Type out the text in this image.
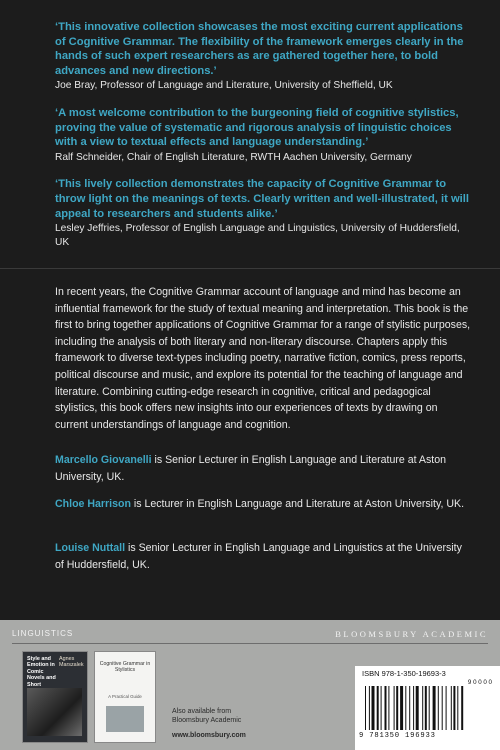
‘This innovative collection showcases the most exciting current applications of Cognitive Grammar. The flexibility of the framework emerges clearly in the hands of such expert researchers as are gathered together here, to bold advances and new directions.’

Joe Bray, Professor of Language and Literature, University of Sheffield, UK

‘A most welcome contribution to the burgeoning field of cognitive stylistics, proving the value of systematic and rigorous analysis of linguistic choices with a view to textual effects and language understanding.’

Ralf Schneider, Chair of English Literature, RWTH Aachen University, Germany

‘This lively collection demonstrates the capacity of Cognitive Grammar to throw light on the meanings of texts. Clearly written and well-illustrated, it will appeal to researchers and students alike.’

Lesley Jeffries, Professor of English Language and Linguistics, University of Huddersfield, UK

In recent years, the Cognitive Grammar account of language and mind has become an influential framework for the study of textual meaning and interpretation. This book is the first to bring together applications of Cognitive Grammar for a range of stylistic purposes, including the analysis of both literary and non-literary discourse. Chapters apply this framework to diverse text-types including poetry, narrative fiction, comics, press reports, political discourse and music, and explore its potential for the teaching of language and literature. Combining cutting-edge research in cognitive, critical and pedagogical stylistics, this book offers new insights into our experiences of texts by drawing on current understandings of language and cognition.

Marcello Giovanelli is Senior Lecturer in English Language and Literature at Aston University, UK.

Chloe Harrison is Lecturer in English Language and Literature at Aston University, UK.

Louise Nuttall is Senior Lecturer in English Language and Linguistics at the University of Huddersfield, UK.

LINGUISTICS	BLOOMSBURY ACADEMIC
Style and Emotion in Comic Novels and Short
Agnes Marszalek	Cognitive Grammar in Stylistics
A Practical Guide

Also available from
Bloomsbury Academic

www.bloomsbury.com
ISBN 978-1-350-19693-3
9 0 0 0 0
9 781350 196933
